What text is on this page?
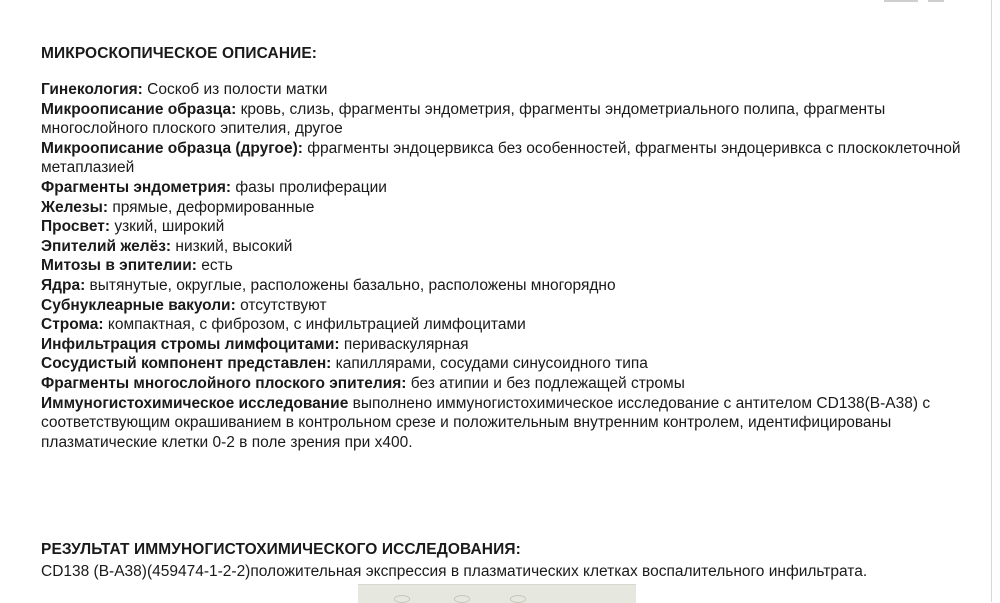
МИКРОСКОПИЧЕСКОЕ ОПИСАНИЕ:

Гинекология: Соскоб из полости матки

Микроописание образца: кровь, слизь, фрагменты эндометрия, фрагменты эндометриального полипа, фрагменты многослойного плоского эпителия, другое

Микроописание образца (другое): фрагменты эндоцервикса без особенностей, фрагменты эндоцеривкса с плоскоклеточной метаплазией

Фрагменты эндометрия: фазы пролиферации

Железы: прямые, деформированные

Просвет: узкий, широкий

Эпителий желёз: низкий, высокий

Митозы в эпителии: есть

Ядра: вытянутые, округлые, расположены базально, расположены многорядно

Субнуклеарные вакуоли: отсутствуют

Строма: компактная, с фиброзом, с инфильтрацией лимфоцитами

Инфильтрация стромы лимфоцитами: периваскулярная

Сосудистый компонент представлен: капиллярами, сосудами синусоидного типа

Фрагменты многослойного плоского эпителия: без атипии и без подлежащей стромы

Иммуногистохимическое исследование выполнено иммуногистохимическое исследование с антителом CD138(B-A38) с соответствующим окрашиванием в контрольном срезе и положительным внутренним контролем, идентифицированы плазматические клетки 0-2 в поле зрения при х400.

РЕЗУЛЬТАТ ИММУНОГИСТОХИМИЧЕСКОГО ИССЛЕДОВАНИЯ:

CD138 (B-A38)(459474-1-2-2)положительная экспрессия в плазматических клетках воспалительного инфильтрата.
